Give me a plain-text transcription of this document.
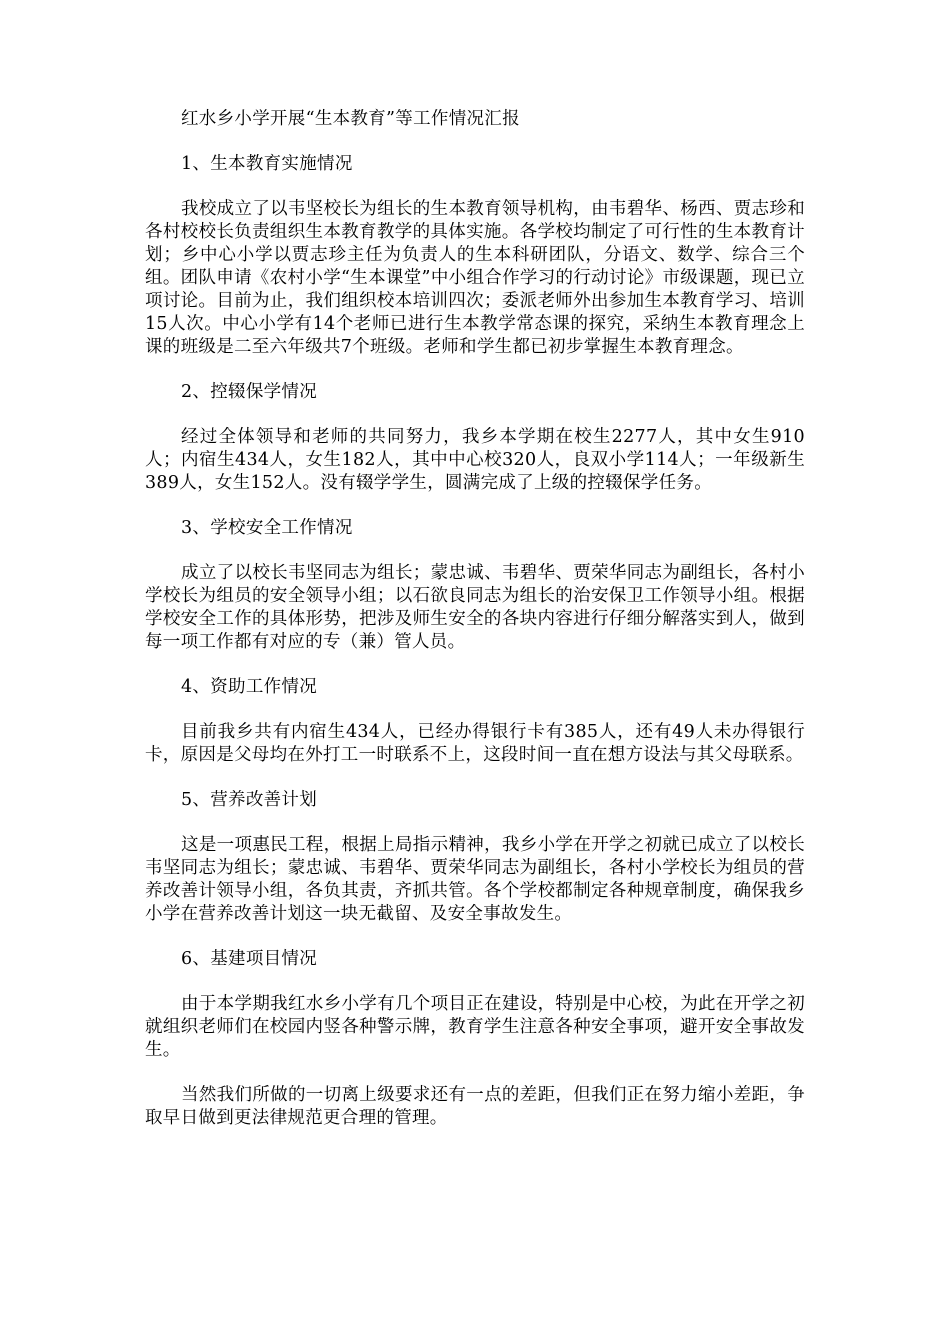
红水乡小学开展“生本教育”等工作情况汇报

1、生本教育实施情况

我校成立了以韦坚校长为组长的生本教育领导机构，由韦碧华、杨西、贾志珍和各村校校长负责组织生本教育教学的具体实施。各学校均制定了可行性的生本教育计划；乡中心小学以贾志珍主任为负责人的生本科研团队，分语文、数学、综合三个组。团队申请《农村小学“生本课堂”中小组合作学习的行动讨论》市级课题，现已立项讨论。目前为止，我们组织校本培训四次；委派老师外出参加生本教育学习、培训15人次。中心小学有14个老师已进行生本教学常态课的探究，采纳生本教育理念上课的班级是二至六年级共7个班级。老师和学生都已初步掌握生本教育理念。

2、控辍保学情况

经过全体领导和老师的共同努力，我乡本学期在校生2277人，其中女生910人；内宿生434人，女生182人，其中中心校320人，良双小学114人；一年级新生389人，女生152人。没有辍学学生，圆满完成了上级的控辍保学任务。

3、学校安全工作情况

成立了以校长韦坚同志为组长；蒙忠诚、韦碧华、贾荣华同志为副组长，各村小学校长为组员的安全领导小组；以石欲良同志为组长的治安保卫工作领导小组。根据学校安全工作的具体形势，把涉及师生安全的各块内容进行仔细分解落实到人，做到每一项工作都有对应的专（兼）管人员。

4、资助工作情况

目前我乡共有内宿生434人，已经办得银行卡有385人，还有49人未办得银行卡，原因是父母均在外打工一时联系不上，这段时间一直在想方设法与其父母联系。

5、营养改善计划

这是一项惠民工程，根据上局指示精神，我乡小学在开学之初就已成立了以校长韦坚同志为组长；蒙忠诚、韦碧华、贾荣华同志为副组长，各村小学校长为组员的营养改善计领导小组，各负其责，齐抓共管。各个学校都制定各种规章制度，确保我乡小学在营养改善计划这一块无截留、及安全事故发生。

6、基建项目情况

由于本学期我红水乡小学有几个项目正在建设，特别是中心校，为此在开学之初就组织老师们在校园内竖各种警示牌，教育学生注意各种安全事项，避开安全事故发生。

当然我们所做的一切离上级要求还有一点的差距，但我们正在努力缩小差距，争取早日做到更法律规范更合理的管理。
